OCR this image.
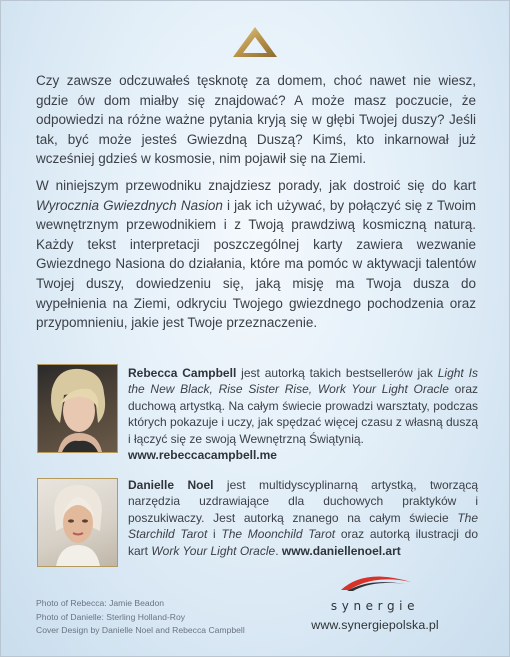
Czy zawsze odczuwałeś tęsknotę za domem, choć nawet nie wiesz, gdzie ów dom miałby się znajdować? A może masz poczucie, że odpowiedzi na różne ważne pytania kryją się w głębi Twojej duszy? Jeśli tak, być może jesteś Gwiezdną Duszą? Kimś, kto inkarnował już wcześniej gdzieś w kosmosie, nim pojawił się na Ziemi.

W niniejszym przewodniku znajdziesz porady, jak dostroić się do kart Wyrocznia Gwiezdnych Nasion i jak ich używać, by połączyć się z Twoim wewnętrznym przewodnikiem i z Twoją prawdziwą kosmiczną naturą. Każdy tekst interpretacji poszczególnej karty zawiera wezwanie Gwiezdnego Nasiona do działania, które ma pomóc w aktywacji talentów Twojej duszy, dowiedzeniu się, jaką misję ma Twoja dusza do wypełnienia na Ziemi, odkryciu Twojego gwiezdnego pochodzenia oraz przypomnieniu, jakie jest Twoje przeznaczenie.

Rebecca Campbell jest autorką takich bestsellerów jak Light Is the New Black, Rise Sister Rise, Work Your Light Oracle oraz duchową artystką. Na całym świecie prowadzi warsztaty, podczas których pokazuje i uczy, jak spędzać więcej czasu z własną duszą i łączyć się ze swoją Wewnętrzną Świątynią.
www.rebeccacampbell.me
Danielle Noel jest multidyscyplinarną artystką, tworzącą narzędzia uzdrawiające dla duchowych praktyków i poszukiwaczy. Jest autorką znanego na całym świecie The Starchild Tarot i The Moonchild Tarot oraz autorką ilustracji do kart Work Your Light Oracle. www.daniellenoel.art
Photo of Rebecca: Jamie Beadon
Photo of Danielle: Sterling Holland-Roy
Cover Design by Danielle Noel and Rebecca Campbell
synergie
www.synergiepolska.pl
